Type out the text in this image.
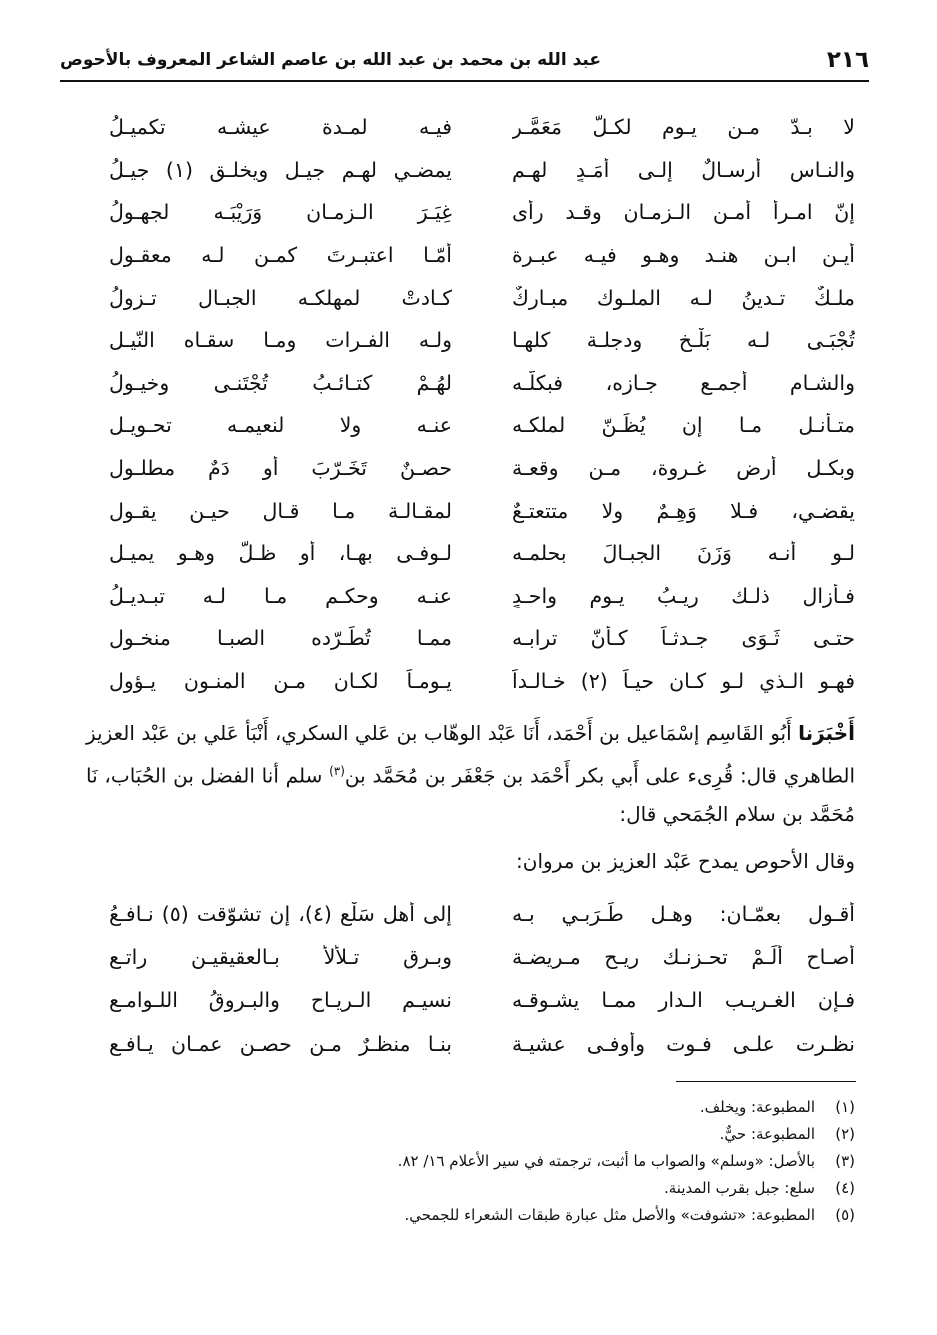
٢١٦
عبد الله بن محمد بن عبد الله بن عاصم الشاعر المعروف بالأحوص
لا بـدّ مـن يـوم لكـلّ مَعَمَّـر
فيـه لمـدة عيشـه تكميـلُ
والنـاس أرسـالٌ إلـى أَمَـدٍ لهـم
يمضـي لهـم جيـل ويخلـق (١) جيـلُ
إنّ امـرأ أمـن الـزمـان وقـد رأى
غِيَـرَ الـزمـان وَرَيْبَـه لجهـولُ
أيـن ابـن هنـد وهـو فيـه عبـرة
أمّـا اعتبـرتَ كمـن لـه معقـول
ملـكٌ تـدينُ لـه الملـوك مبـاركٌ
كـادتْ لمهلكـه الجبـال تـزولُ
تُجْبَـى لـه بَلْـخ ودجلـة كلهـا
ولـه الفـرات ومـا سقـاه النّيـل
والشـام أجمـع جـازه، فبكلّـه
لهُـمْ كتـائـبُ تُجْتَنـى وخيـولُ
متـأنـل مـا إن يُظَـنّ لملكـه
عنـه ولا لنعيمـه تحـويـل
وبكـل أرضٍ غـروة، مـن وقعـة
حصـنٌ تَخَـرّبَ أو دَمٌ مطلـول
يقضـي، فـلا وَهِـمٌ ولا متتعتـعٌ
لمقـالـة مـا قـال حيـن يقـول
لـو أنـه وَزَنَ الجبـالَ بحلمـه
لـوفـى بهـا، أو ظـلّ وهـو يميـل
فـأزال ذلـك ريـبُ يـوم واحـدٍ
عنـه وحكـم مـا لـه تبـديـلُ
حتـى ثَـوَى جـدثـاً كـأنّ ترابـه
ممـا تُطَـرّده الصبـا منخـول
فهـو الـذي لـو كـان حيـاً (٢) خـالـداً
يـومـاً لكـان مـن المنـون يـؤول

أَخْبَرَنا أَبُو القَاسِم إسْمَاعيل بن أَحْمَد، أَنَا عَبْد الوهّاب بن عَلي السكري، أَنْبَأ عَلي بن عَبْد العزيز الطاهري قال: قُرِىء على أَبي بكر أَحْمَد بن جَعْفَر بن مُحَمَّد بن$^{(٣)}$ سلم أنا الفضل بن الحُبَاب، نَا مُحَمَّد بن سلام الجُمَحي قال:

وقال الأحوص يمدح عَبْد العزيز بن مروان:

أقـول بعمّـان: وهـل طَـرَبـي بـه
إلى أهل سَلْعٍ (٤)، إن تشوّقت (٥) نـافـعُ
أصـاحِ أَلَـمْ تحـزنـك ريـح مـريضـة
وبـرق تـلألأ بـالعقيقيـن راتـع
فـإن الغـريـب الـدار ممـا يشـوقـه
نسيـم الـريـاح والبـروقُ اللـوامـع
نظـرت علـى فـوت وأوفـى عشيـة
بنـا منظـرٌ مـن حصـن عمـان يـافـع
(١)
المطبوعة: ويخلف.
(٢)
المطبوعة: حيٌّ.
(٣)
بالأصل: «وسلم» والصواب ما أثبت، ترجمته في سير الأعلام ١٦/ ٨٢.
(٤)
سلع: جبل بقرب المدينة.
(٥)
المطبوعة: «تشوفت» والأصل مثل عبارة طبقات الشعراء للجمحي.
